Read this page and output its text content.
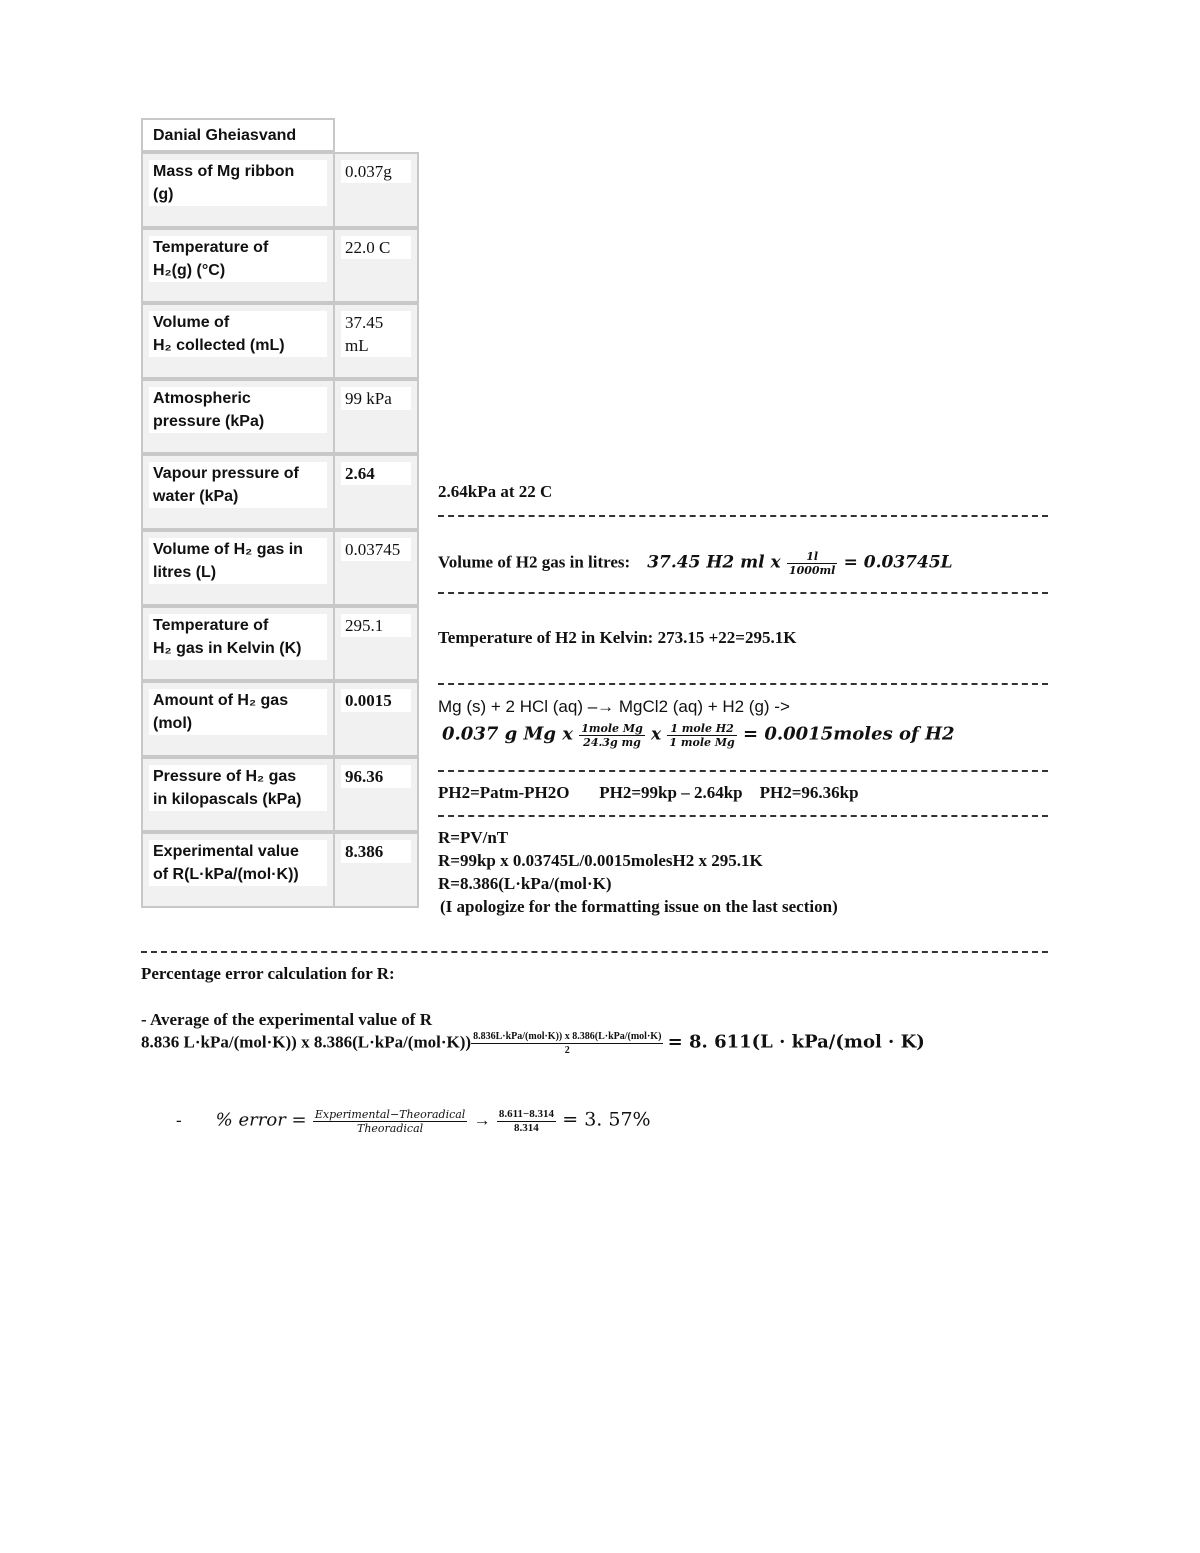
Danial Gheiasvand
Mass of Mg ribbon
(g)
0.037g
Temperature of
H₂(g) (°C)
22.0 C
Volume of
H₂ collected (mL)
37.45
mL
Atmospheric
pressure (kPa)
99 kPa
Vapour pressure of
water (kPa)
2.64
Volume of H₂ gas in
litres (L)
0.03745
Temperature of
H₂ gas in Kelvin (K)
295.1
Amount of H₂ gas
(mol)
0.0015
Pressure of H₂ gas
in kilopascals (kPa)
96.36
Experimental value
of R(L·kPa/(mol·K))
8.386
2.64kPa at 22 C
Volume of H2 gas in litres: 37.45 H2 ml x $\frac{1l}{1000ml} = 0.03745L$
Temperature of H2 in Kelvin: 273.15 +22=295.1K
Mg (s) + 2 HCl (aq) –→ MgCl2 (aq) + H2 (g) ->
0.037 g Mg x $\frac{\text{1mole Mg}}{\text{24.3g mg}}$ x $\frac{\text{1 mole H2}}{\text{1 mole Mg}}$ = 0.0015moles of H2
PH2=Patm-PH2O       PH2=99kp – 2.64kp    PH2=96.36kp
R=PV/nT
R=99kp x 0.03745L/0.0015molesH2 x 295.1K
R=8.386(L·kPa/(mol·K)
(I apologize for the formatting issue on the last section)
Percentage error calculation for R:
- Average of the experimental value of R
8.836 L·kPa/(mol·K)) x $8.386(L\cdot kPa/(mol\cdot K)) \frac{\text{8.836L·kPa/(mol·K)) x 8.386(L·kPa/(mol·K)}}{2} = 8$. 611(L · kPa/(mol · K)
- % error = $\frac{\text{Experimental−Theoradical}}{\text{Theoradical}} \to \frac{8.611-8.314}{8.314} = 3$. 57%
